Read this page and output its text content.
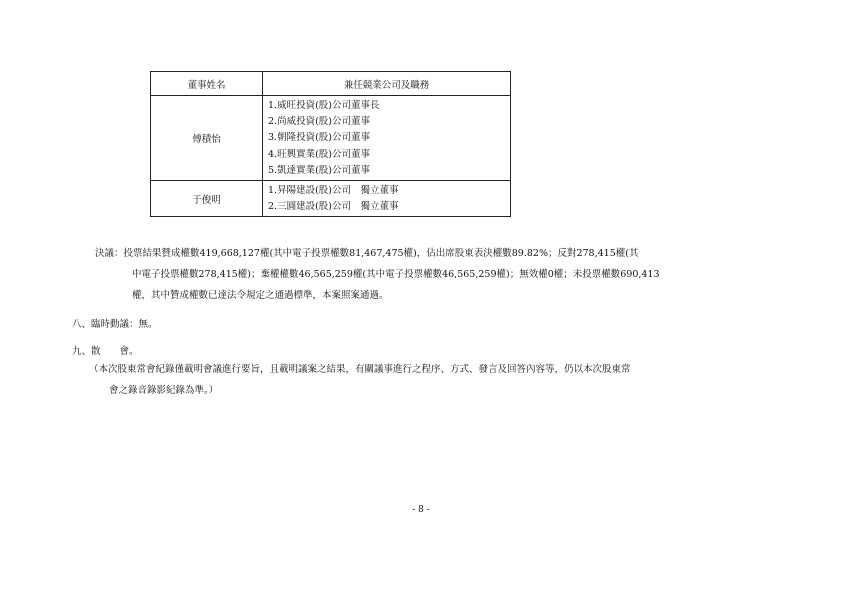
董事姓名	兼任競業公司及職務
傅積怡	1.威旺投資(股)公司董事長
2.尚威投資(股)公司董事
3.朝隆投資(股)公司董事
4.旺興實業(股)公司董事
5.凱達實業(股)公司董事

于俊明	1.昇陽建設(股)公司　獨立董事
2.三圓建設(股)公司　獨立董事
決議：投票結果贊成權數419,668,127權(其中電子投票權數81,467,475權)，佔出席股東表決權數89.82%；反對278,415權(其
中電子投票權數278,415權)；棄權權數46,565,259權(其中電子投票權數46,565,259權)；無效權0權；未投票權數690,413
權，其中贊成權數已達法令規定之通過標準，本案照案通過。
八、臨時動議：無。
九、散　　會。
（本次股東常會紀錄僅載明會議進行要旨，且載明議案之結果，有關議事進行之程序、方式、發言及回答內容等，仍以本次股東常
會之錄音錄影紀錄為準。）
- 8 -
